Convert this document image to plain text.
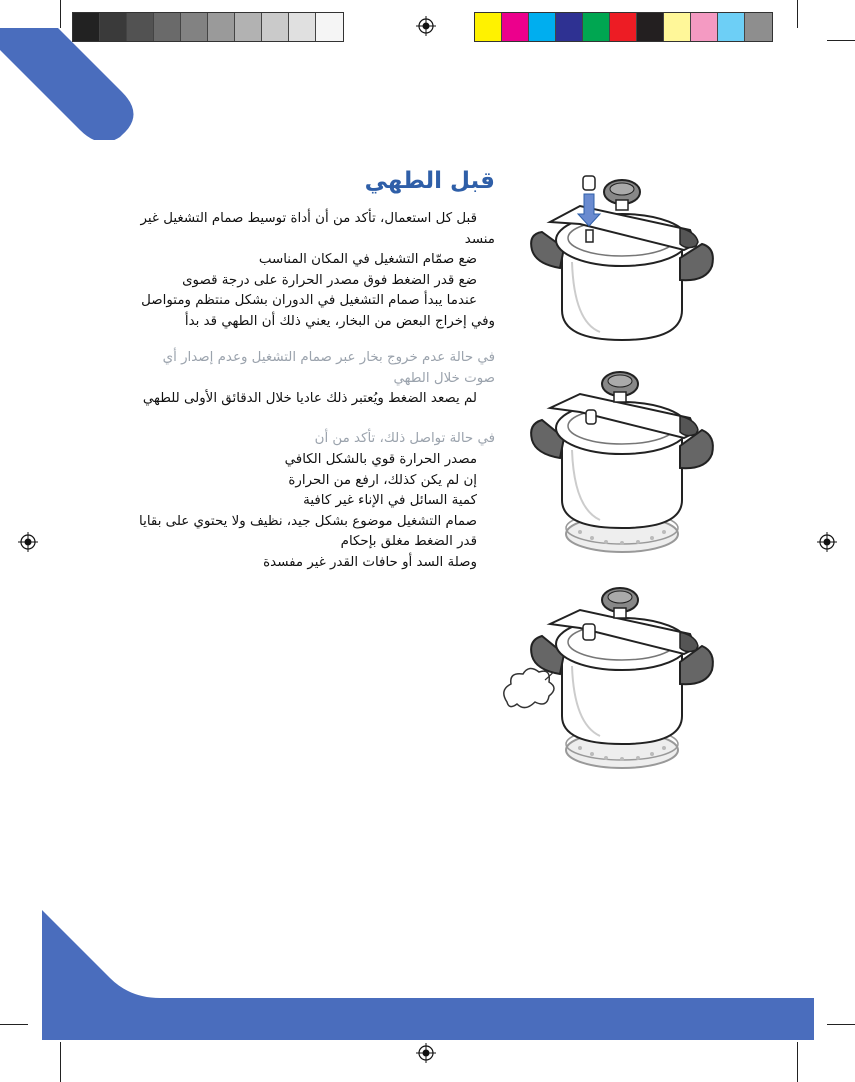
قبل الطهي

قبل كل استعمال، تأكد من أن أداة توسيط صمام التشغيل غير

منسد

ضع صمّام التشغيل في المكان المناسب

ضع قدر الضغط فوق مصدر الحرارة على درجة قصوى

عندما يبدأ صمام التشغيل في الدوران بشكل منتظم ومتواصل

وفي إخراج البعض من البخار، يعني ذلك أن الطهي قد بدأ

في حالة عدم خروج بخار عبر صمام التشغيل وعدم إصدار أي

صوت خلال الطهي

لم يصعد الضغط ويُعتبر ذلك عاديا خلال الدقائق الأولى للطهي

في حالة تواصل ذلك، تأكد من أن

مصدر الحرارة قوي بالشكل الكافي

إن لم يكن كذلك، ارفع من الحرارة

كمية السائل في الإناء غير كافية

صمام التشغيل موضوع بشكل جيد، نظيف ولا يحتوي على بقايا

قدر الضغط مغلق بإحكام

وصلة السد أو حافات القدر غير مفسدة
